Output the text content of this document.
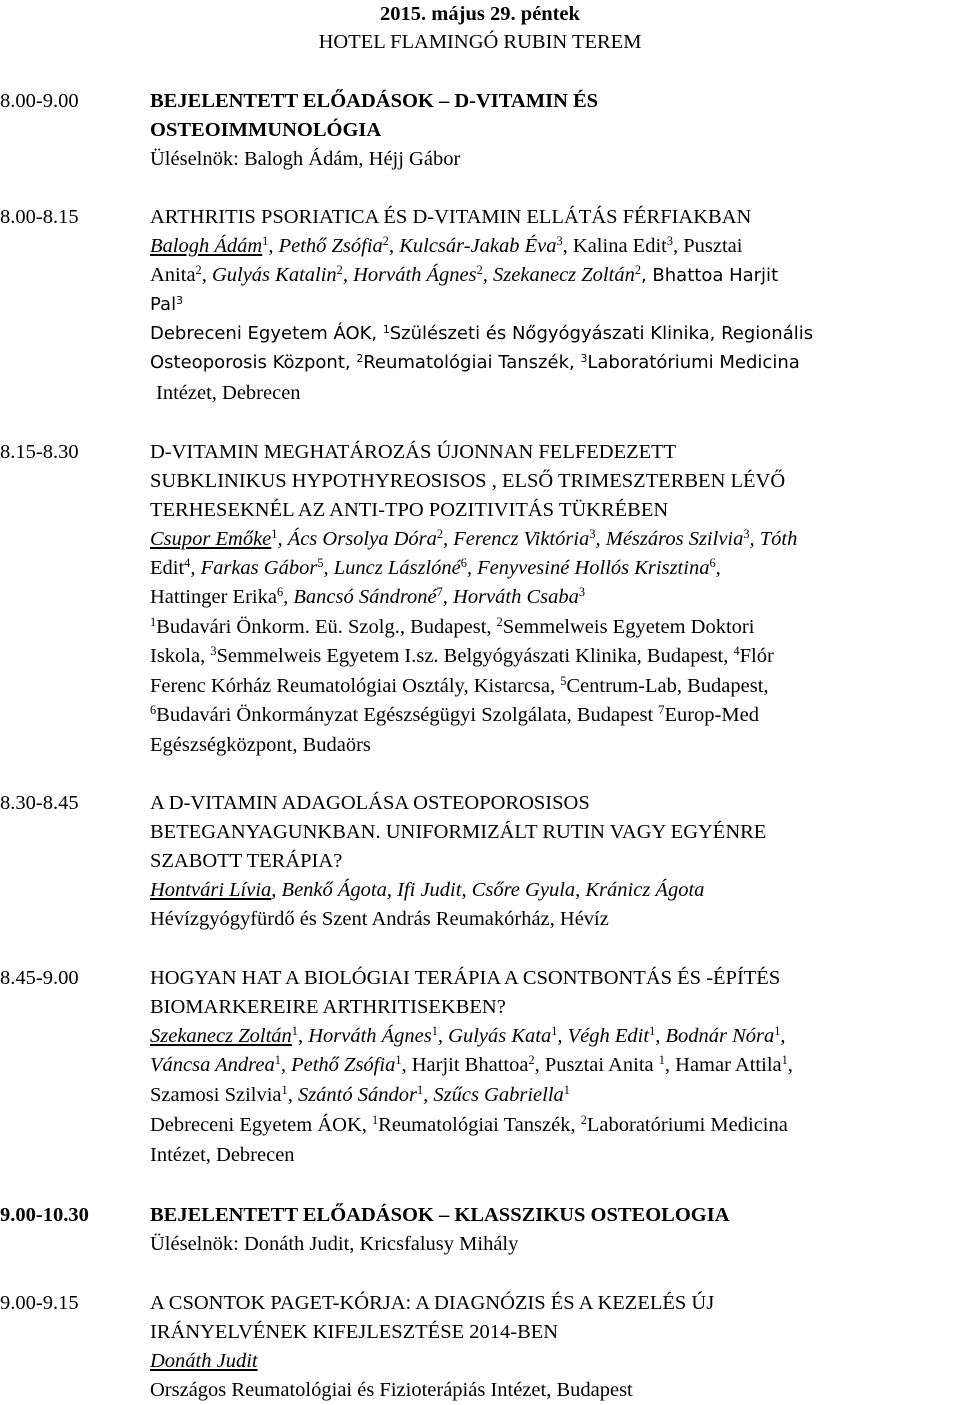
2015. május 29. péntek
HOTEL FLAMINGÓ RUBIN TEREM
8.00-9.00	BEJELENTETT ELŐADÁSOK – D-VITAMIN ÉS
OSTEOIMMUNOLÓGIA
Üléselnök: Balogh Ádám, Héjj Gábor
8.00-8.15	ARTHRITIS PSORIATICA ÉS D-VITAMIN ELLÁTÁS FÉRFIAKBAN
Balogh Ádám$^1$, Pethő Zsófia$^2$, Kulcsár-Jakab Éva$^3$, Kalina Edit$^3$, Pusztai
Anita$^2$, Gulyás Katalin$^2$, Horváth Ágnes$^2$, Szekanecz Zoltán$^2$, Bhattoa Harjit
Pal$^3$
Debreceni Egyetem ÁOK, $^1$Szülészeti és Nőgyógyászati Klinika, Regionális
Osteoporosis Központ, $^2$Reumatológiai Tanszék, $^3$Laboratóriumi Medicina
Intézet, Debrecen
8.15-8.30	D-VITAMIN MEGHATÁROZÁS ÚJONNAN FELFEDEZETT
SUBKLINIKUS HYPOTHYREOSISOS , ELSŐ TRIMESZTERBEN LÉVŐ
TERHESEKNÉL AZ ANTI-TPO POZITIVITÁS TÜKRÉBEN
Csupor Emőke$^1$, Ács Orsolya Dóra$^2$, Ferencz Viktória$^3$, Mészáros Szilvia$^3$, Tóth
Edit$^4$, Farkas Gábor$^5$, Luncz Lászlóné$^6$, Fenyvesiné Hollós Krisztina$^6$,
Hattinger Erika$^6$, Bancsó Sándroné$^7$, Horváth Csaba$^3$
$^1$Budavári Önkorm. Eü. Szolg., Budapest, $^2$Semmelweis Egyetem Doktori
Iskola, $^3$Semmelweis Egyetem I.sz. Belgyógyászati Klinika, Budapest, $^4$Flór
Ferenc Kórház Reumatológiai Osztály, Kistarcsa, $^5$Centrum-Lab, Budapest,
$^6$Budavári Önkormányzat Egészségügyi Szolgálata, Budapest $^7$Europ-Med
Egészségközpont, Budaörs
8.30-8.45	A D-VITAMIN ADAGOLÁSA OSTEOPOROSISOS
BETEGANYAGUNKBAN. UNIFORMIZÁLT RUTIN VAGY EGYÉNRE
SZABOTT TERÁPIA?
Hontvári Lívia, Benkő Ágota, Ifi Judit, Csőre Gyula, Kránicz Ágota
Hévízgyógyfürdő és Szent András Reumakórház, Hévíz
8.45-9.00	HOGYAN HAT A BIOLÓGIAI TERÁPIA A CSONTBONTÁS ÉS -ÉPÍTÉS
BIOMARKEREIRE ARTHRITISEKBEN?
Szekanecz Zoltán$^1$, Horváth Ágnes$^1$, Gulyás Kata$^1$, Végh Edit$^1$, Bodnár Nóra$^1$,
Váncsa Andrea$^1$, Pethő Zsófia$^1$, Harjit Bhattoa$^2$, Pusztai Anita $^1$, Hamar Attila$^1$,
Szamosi Szilvia$^1$, Szántó Sándor$^1$, Szűcs Gabriella$^1$
Debreceni Egyetem ÁOK, $^1$Reumatológiai Tanszék, $^2$Laboratóriumi Medicina
Intézet, Debrecen
9.00-10.30	BEJELENTETT ELŐADÁSOK – KLASSZIKUS OSTEOLOGIA
Üléselnök: Donáth Judit, Kricsfalusy Mihály
9.00-9.15	A CSONTOK PAGET-KÓRJA: A DIAGNÓZIS ÉS A KEZELÉS ÚJ
IRÁNYELVÉNEK KIFEJLESZTÉSE 2014-BEN
Donáth Judit
Országos Reumatológiai és Fizioterápiás Intézet, Budapest
